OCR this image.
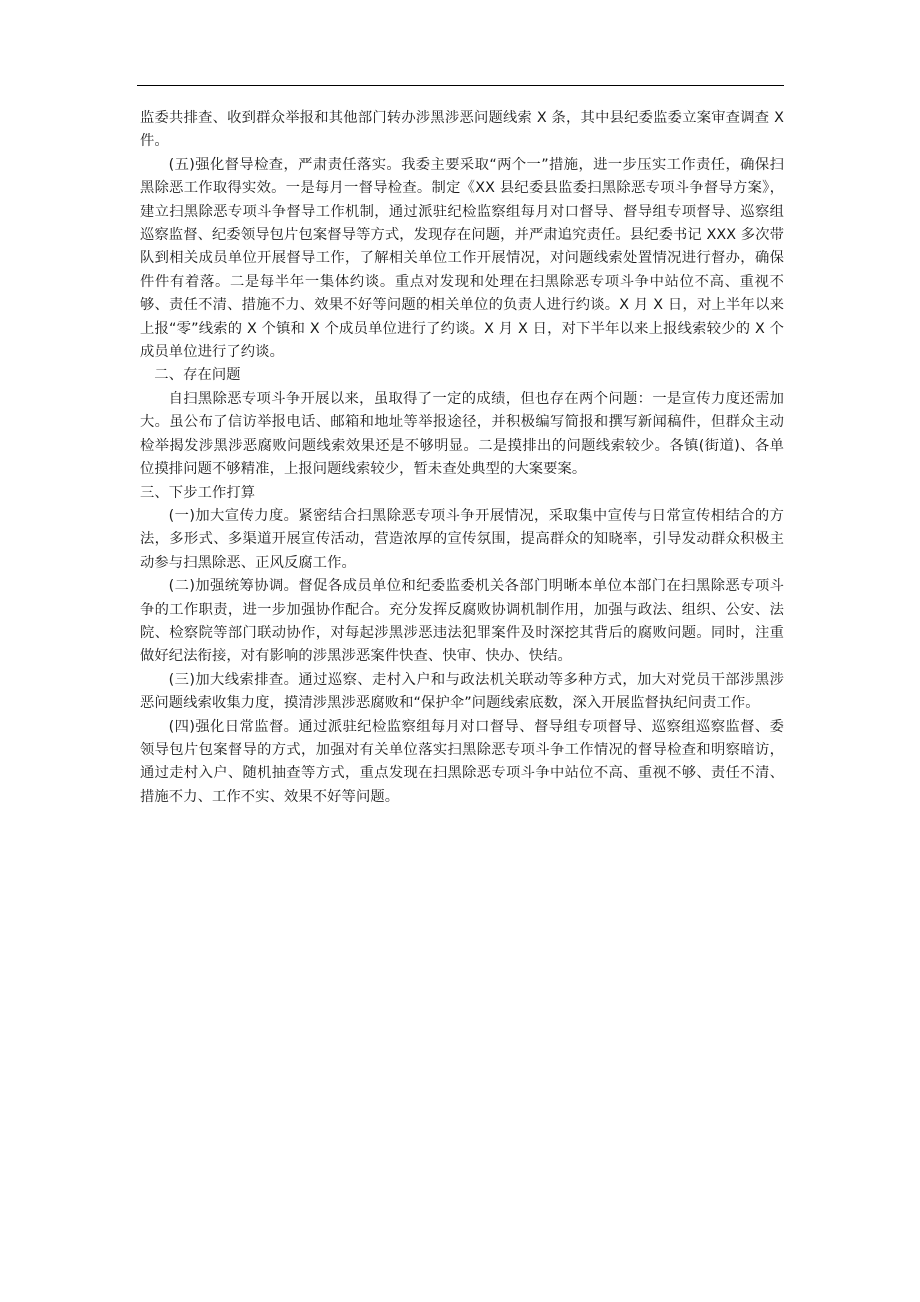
监委共排查、收到群众举报和其他部门转办涉黑涉恶问题线索 X 条，其中县纪委监委立案审查调查 X 件。

(五)强化督导检查，严肃责任落实。我委主要采取“两个一”措施，进一步压实工作责任，确保扫黑除恶工作取得实效。一是每月一督导检查。制定《XX 县纪委县监委扫黑除恶专项斗争督导方案》，建立扫黑除恶专项斗争督导工作机制，通过派驻纪检监察组每月对口督导、督导组专项督导、巡察组巡察监督、纪委领导包片包案督导等方式，发现存在问题，并严肃追究责任。县纪委书记 XXX 多次带队到相关成员单位开展督导工作，了解相关单位工作开展情况，对问题线索处置情况进行督办，确保件件有着落。二是每半年一集体约谈。重点对发现和处理在扫黑除恶专项斗争中站位不高、重视不够、责任不清、措施不力、效果不好等问题的相关单位的负责人进行约谈。X 月 X 日，对上半年以来上报“零”线索的 X 个镇和 X 个成员单位进行了约谈。X 月 X 日，对下半年以来上报线索较少的 X 个成员单位进行了约谈。

二、存在问题

自扫黑除恶专项斗争开展以来，虽取得了一定的成绩，但也存在两个问题：一是宣传力度还需加大。虽公布了信访举报电话、邮箱和地址等举报途径，并积极编写简报和撰写新闻稿件，但群众主动检举揭发涉黑涉恶腐败问题线索效果还是不够明显。二是摸排出的问题线索较少。各镇(街道)、各单位摸排问题不够精准，上报问题线索较少，暂未查处典型的大案要案。

三、下步工作打算

(一)加大宣传力度。紧密结合扫黑除恶专项斗争开展情况，采取集中宣传与日常宣传相结合的方法，多形式、多渠道开展宣传活动，营造浓厚的宣传氛围，提高群众的知晓率，引导发动群众积极主动参与扫黑除恶、正风反腐工作。

(二)加强统筹协调。督促各成员单位和纪委监委机关各部门明晰本单位本部门在扫黑除恶专项斗争的工作职责，进一步加强协作配合。充分发挥反腐败协调机制作用，加强与政法、组织、公安、法院、检察院等部门联动协作，对每起涉黑涉恶违法犯罪案件及时深挖其背后的腐败问题。同时，注重做好纪法衔接，对有影响的涉黑涉恶案件快查、快审、快办、快结。

(三)加大线索排查。通过巡察、走村入户和与政法机关联动等多种方式，加大对党员干部涉黑涉恶问题线索收集力度，摸清涉黑涉恶腐败和“保护伞”问题线索底数，深入开展监督执纪问责工作。

(四)强化日常监督。通过派驻纪检监察组每月对口督导、督导组专项督导、巡察组巡察监督、委领导包片包案督导的方式，加强对有关单位落实扫黑除恶专项斗争工作情况的督导检查和明察暗访，通过走村入户、随机抽查等方式，重点发现在扫黑除恶专项斗争中站位不高、重视不够、责任不清、措施不力、工作不实、效果不好等问题。
